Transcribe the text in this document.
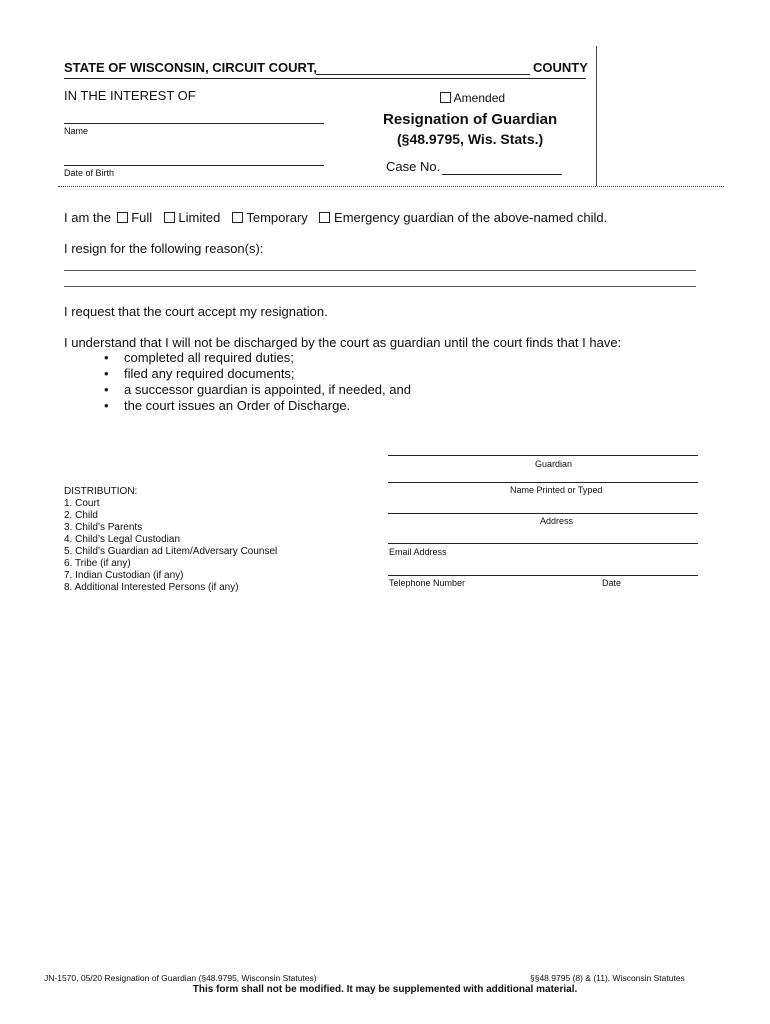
STATE OF WISCONSIN, CIRCUIT COURT,	COUNTY
IN THE INTEREST OF
Name
Date of Birth
Amended
Resignation of Guardian
(§48.9795, Wis. Stats.)
Case No.
I am the Full Limited Temporary Emergency guardian of the above-named child.
I resign for the following reason(s):
I request that the court accept my resignation.
I understand that I will not be discharged by the court as guardian until the court finds that I have:
• completed all required duties;
• filed any required documents;
• a successor guardian is appointed, if needed, and
• the court issues an Order of Discharge.
Guardian
Name Printed or Typed
Address
Email Address
Telephone Number	Date
DISTRIBUTION:
1. Court
2. Child
3. Child’s Parents
4. Child’s Legal Custodian
5. Child’s Guardian ad Litem/Adversary Counsel
6. Tribe (if any)
7. Indian Custodian (if any)
8. Additional Interested Persons (if any)
JN-1570, 05/20 Resignation of Guardian (§48.9795, Wisconsin Statutes)	§§48.9795 (8) & (11), Wisconsin Statutes
This form shall not be modified. It may be supplemented with additional material.
